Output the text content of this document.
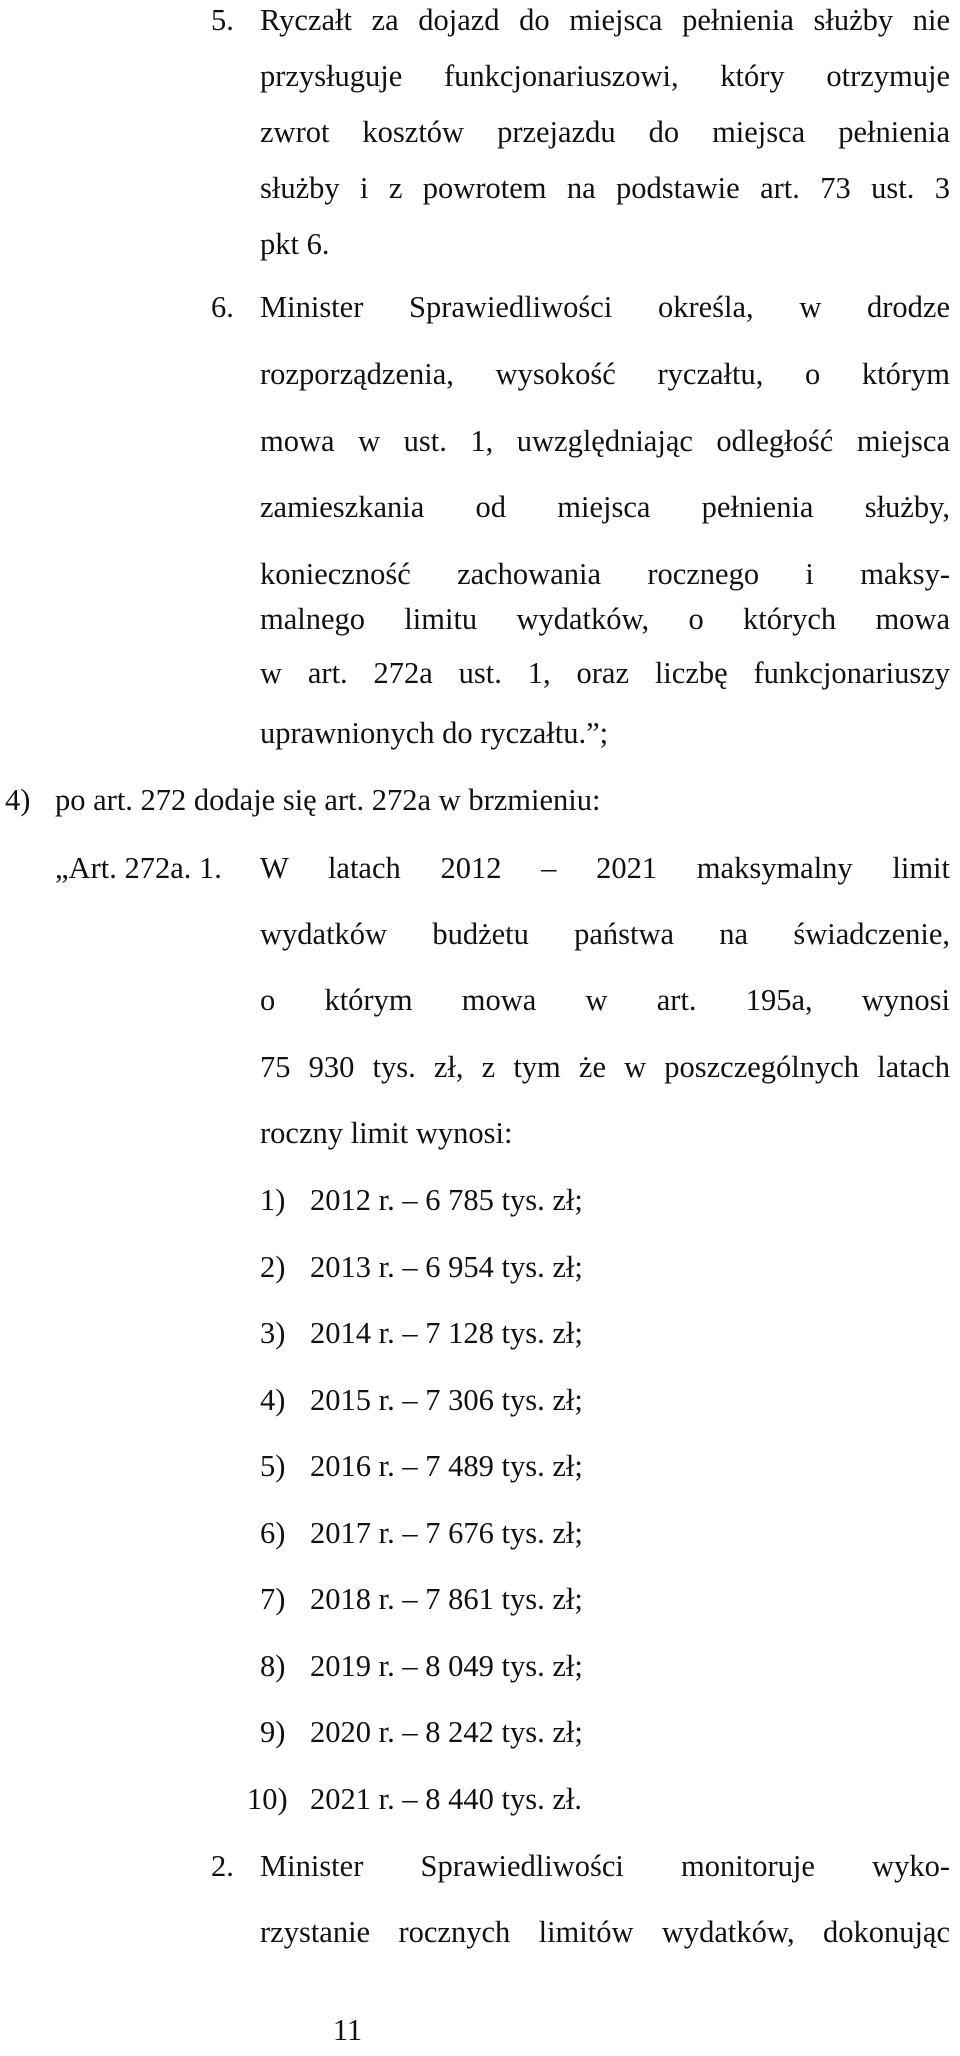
5. Ryczałt za dojazd do miejsca pełnienia służby nie
przysługuje funkcjonariuszowi, który otrzymuje
zwrot kosztów przejazdu do miejsca pełnienia
służby i z powrotem na podstawie art. 73 ust. 3
pkt 6.
6. Minister Sprawiedliwości określa, w drodze
rozporządzenia, wysokość ryczałtu, o którym
mowa w ust. 1, uwzględniając odległość miejsca
zamieszkania od miejsca pełnienia służby,
konieczność zachowania rocznego i maksy-
malnego limitu wydatków, o których mowa
w art. 272a ust. 1, oraz liczbę funkcjonariuszy
uprawnionych do ryczałtu.”;
4) po art. 272 dodaje się art. 272a w brzmieniu:
„Art. 272a. 1. W latach 2012 – 2021 maksymalny limit
wydatków budżetu państwa na świadczenie,
o którym mowa w art. 195a, wynosi
75 930 tys. zł, z tym że w poszczególnych latach
roczny limit wynosi:
1) 2012 r. – 6 785 tys. zł;
2) 2013 r. – 6 954 tys. zł;
3) 2014 r. – 7 128 tys. zł;
4) 2015 r. – 7 306 tys. zł;
5) 2016 r. – 7 489 tys. zł;
6) 2017 r. – 7 676 tys. zł;
7) 2018 r. – 7 861 tys. zł;
8) 2019 r. – 8 049 tys. zł;
9) 2020 r. – 8 242 tys. zł;
10) 2021 r. – 8 440 tys. zł.
2. Minister Sprawiedliwości monitoruje wyko-
rzystanie rocznych limitów wydatków, dokonując
11
